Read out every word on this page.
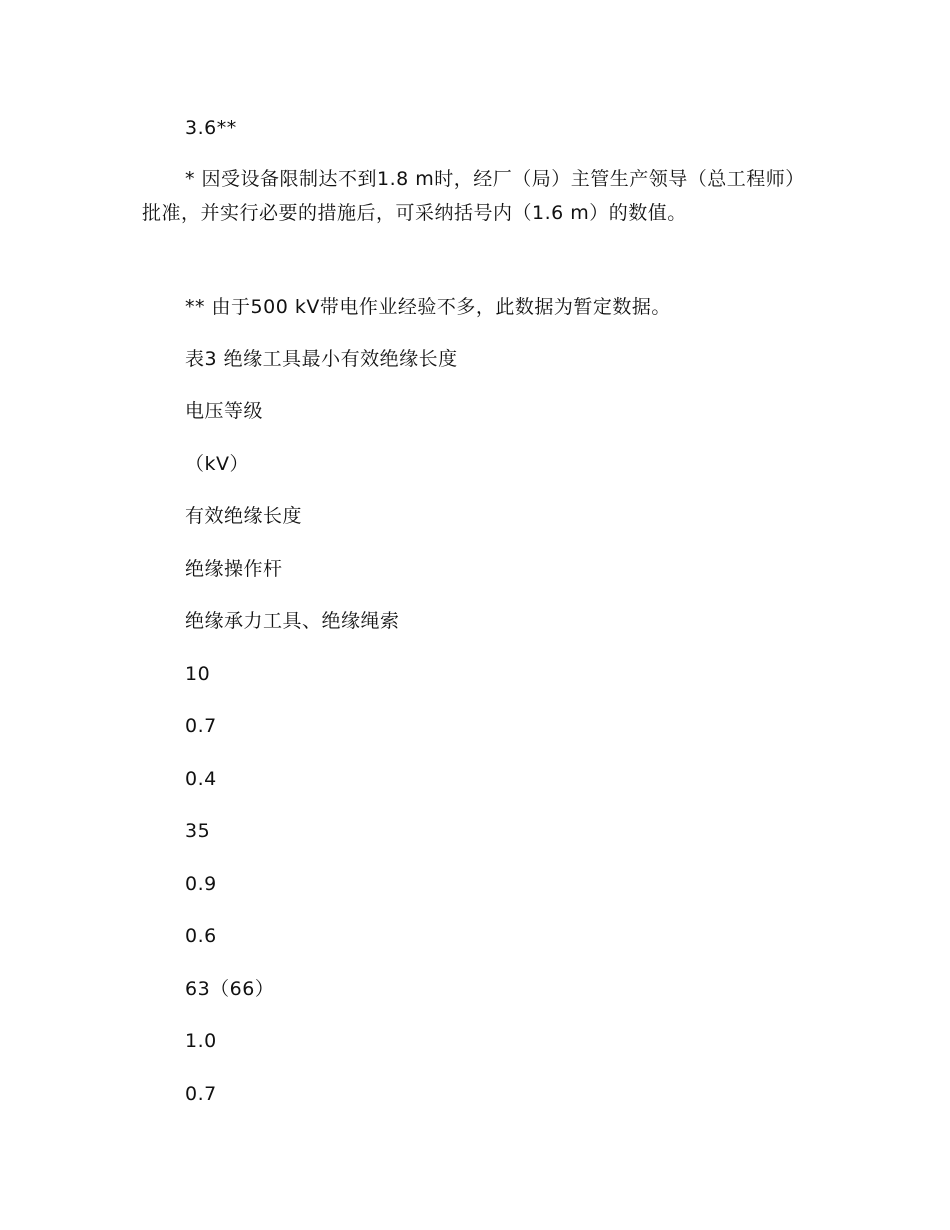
3.6**
* 因受设备限制达不到1.8 m时，经厂（局）主管生产领导（总工程师）批准，并实行必要的措施后，可采纳括号内（1.6 m）的数值。
** 由于500 kV带电作业经验不多，此数据为暂定数据。
表3 绝缘工具最小有效绝缘长度
电压等级
（kV）
有效绝缘长度
绝缘操作杆
绝缘承力工具、绝缘绳索
10
0.7
0.4
35
0.9
0.6
63（66）
1.0
0.7
